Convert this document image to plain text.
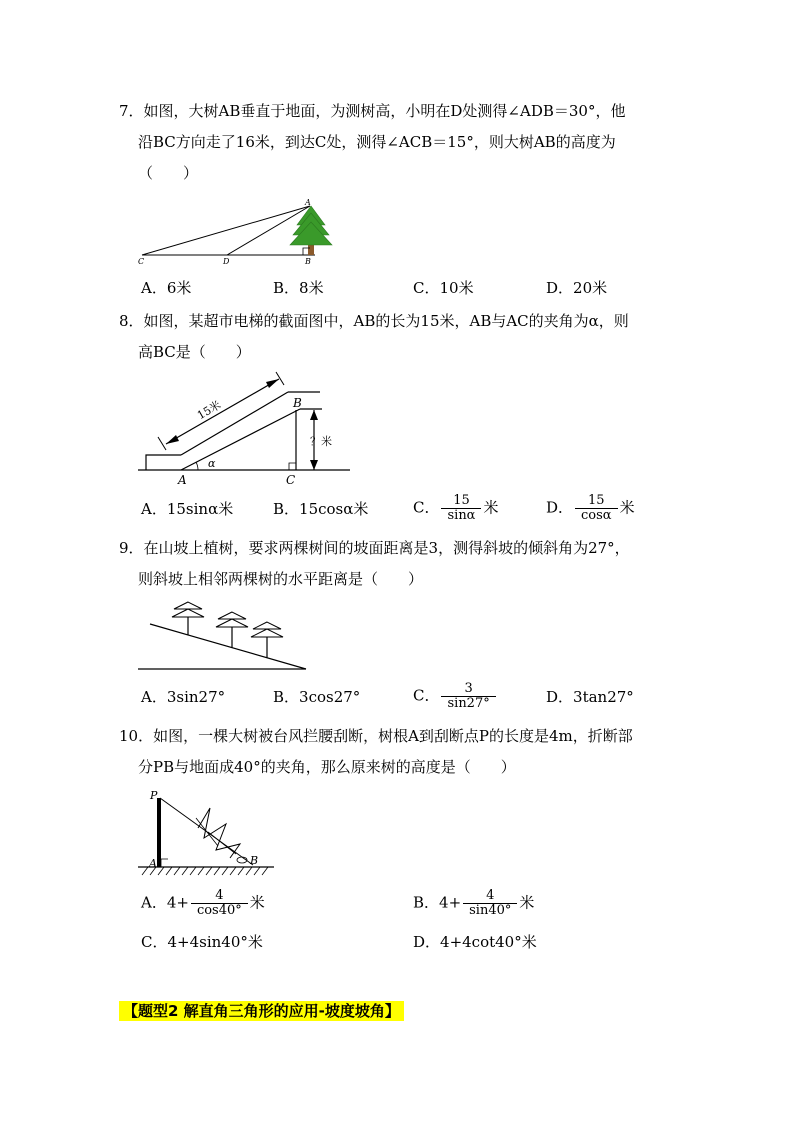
7．如图，大树AB垂直于地面，为测树高，小明在D处测得∠ADB＝30°，他
沿BC方向走了16米，到达C处，测得∠ACB＝15°，则大树AB的高度为
（　　）
A
C	D	B
A．6米	B．8米	C．10米	D．20米
8．如图，某超市电梯的截面图中，AB的长为15米，AB与AC的夹角为α，则
高BC是（　　）
15米
α
B
A	C
？米
A．15sinα米	B．15cosα米	C． $\frac{15}{\sin\alpha}$ 米	D． $\frac{15}{\cos\alpha}$ 米
9．在山坡上植树，要求两棵树间的坡面距离是3，测得斜坡的倾斜角为27°，
则斜坡上相邻两棵树的水平距离是（　　）
A．3sin27°	B．3cos27°	C． $\frac{3}{\sin 27^\circ}$	D．3tan27°
10．如图，一棵大树被台风拦腰刮断，树根A到刮断点P的长度是4m，折断部
分PB与地面成40°的夹角，那么原来树的高度是（　　）
P
A	B
A．$4+ \frac{4}{\cos 40^\circ}$ 米	B．$4+ \frac{4}{\sin 40^\circ}$ 米
C．4+4sin40°米	D．4+4cot40°米
【题型2 解直角三角形的应用-坡度坡角】
